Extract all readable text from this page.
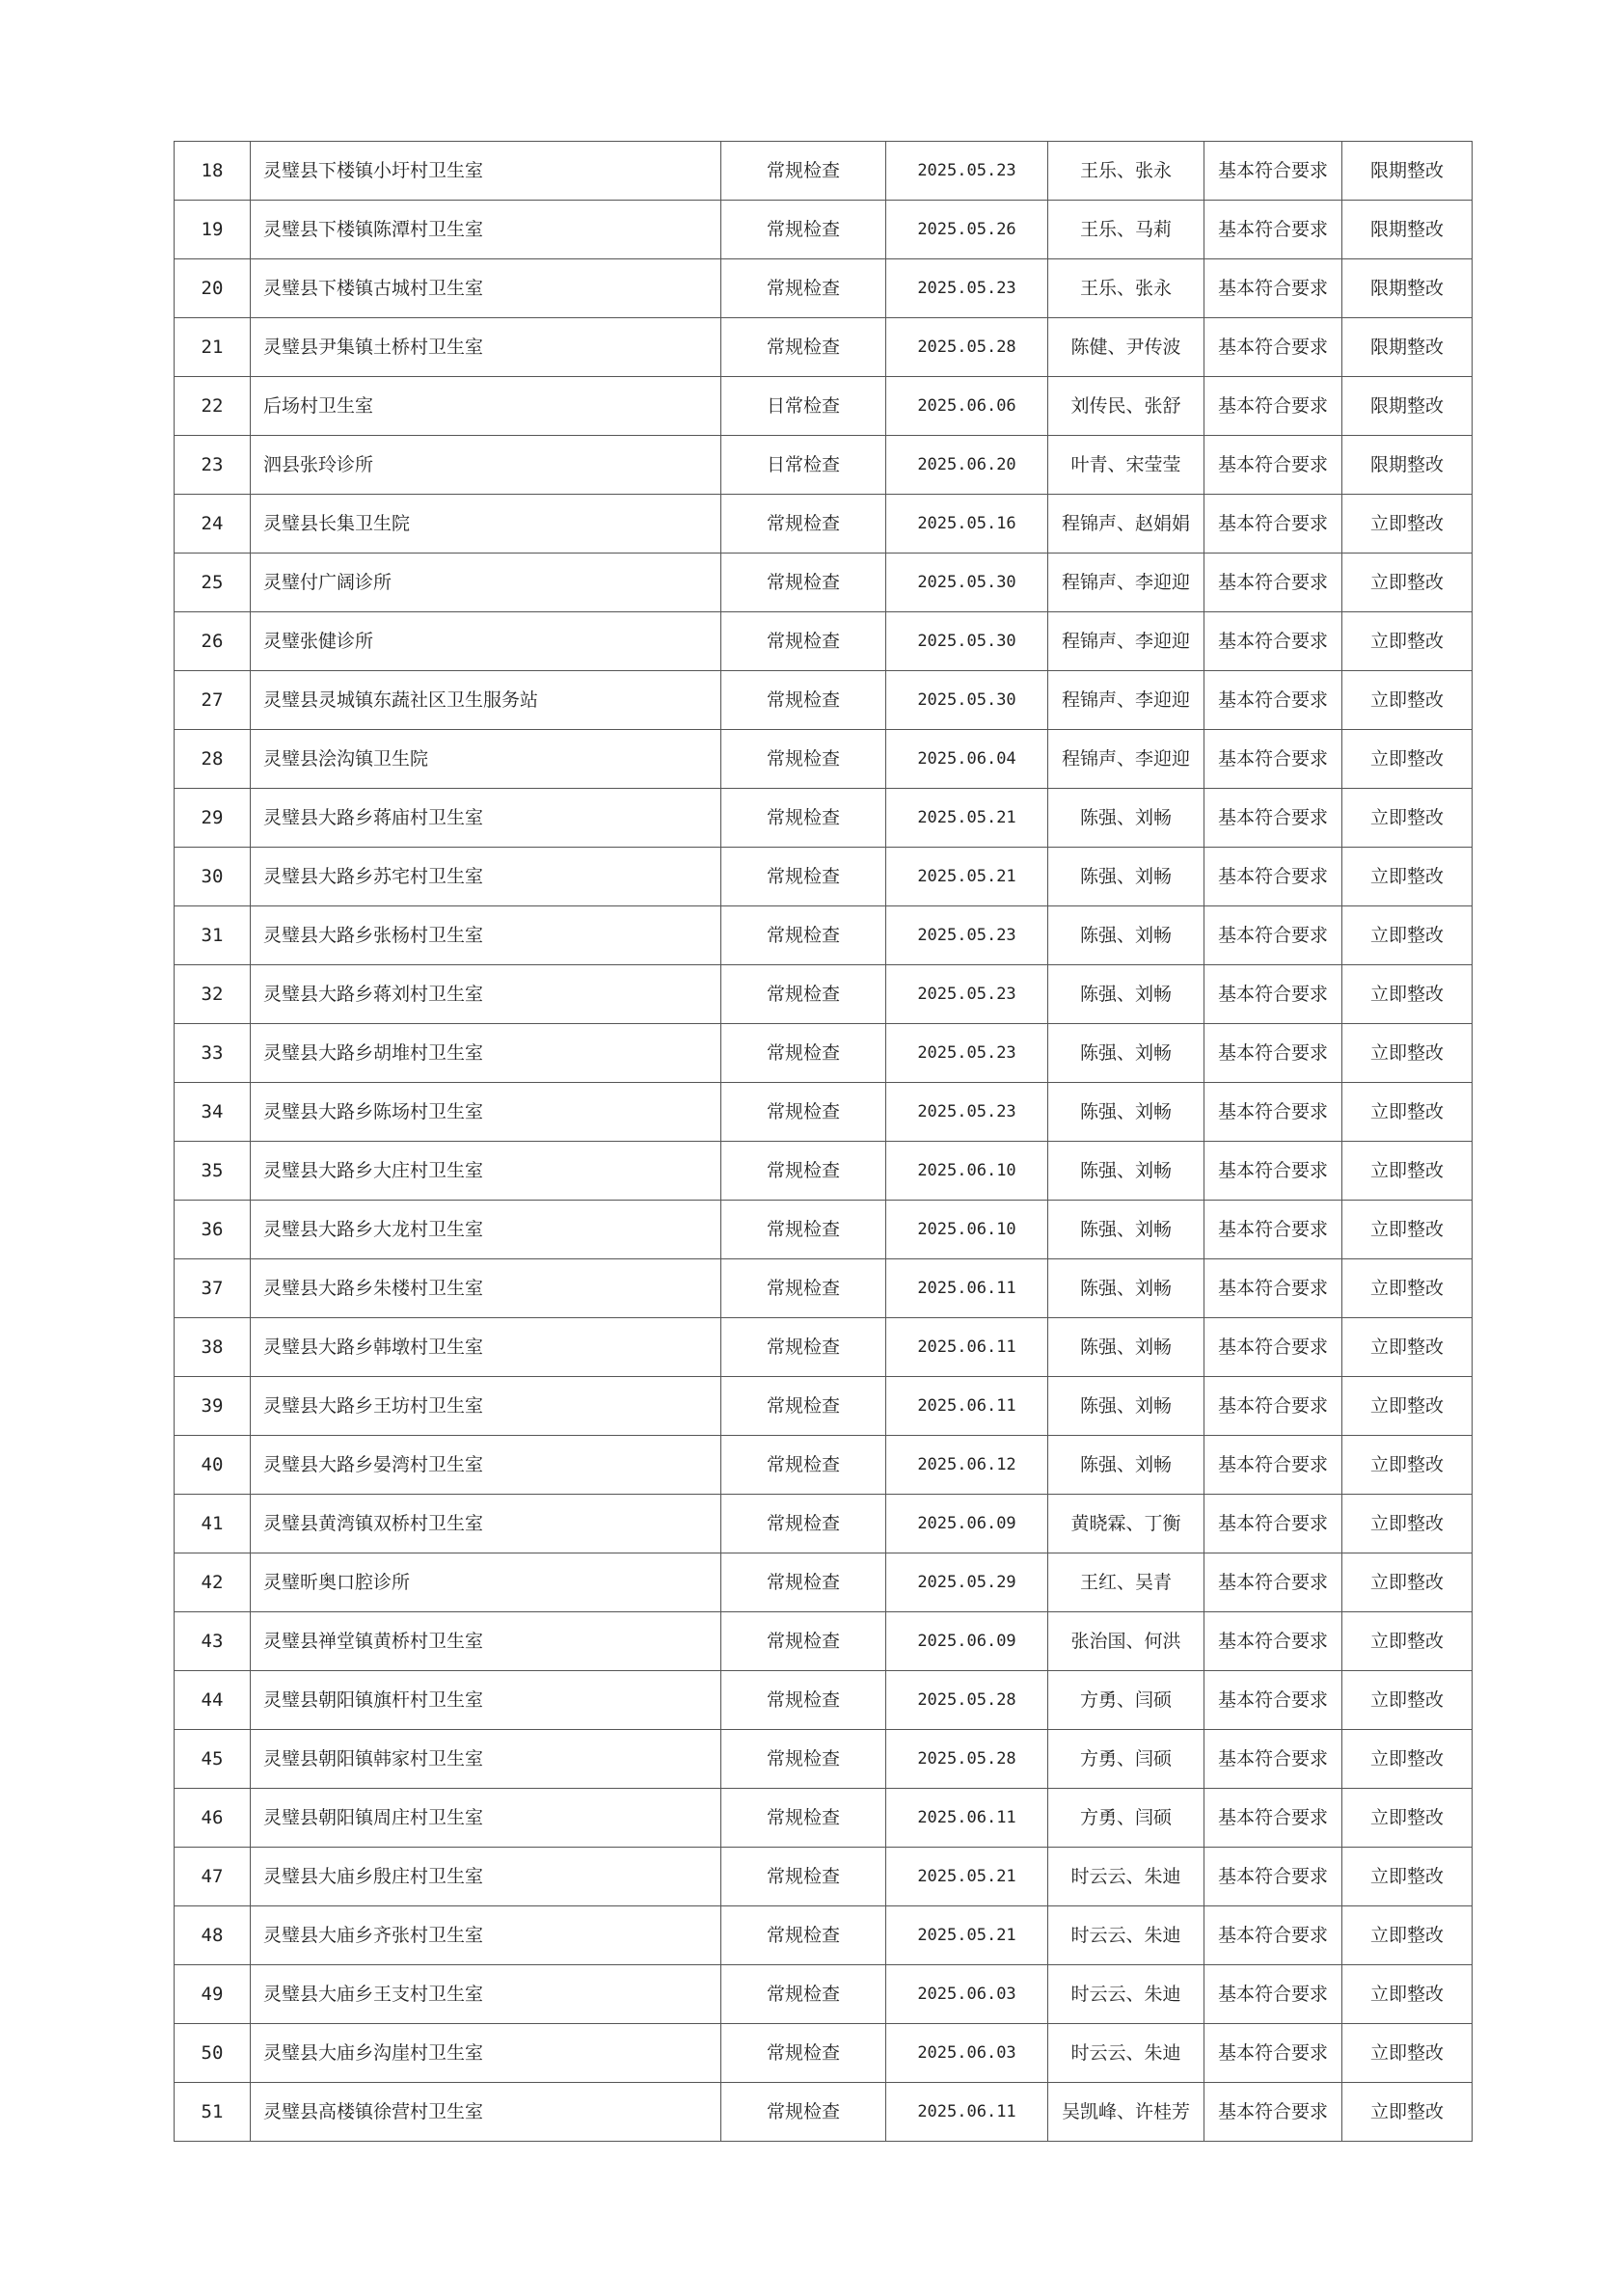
18	灵璧县下楼镇小圩村卫生室	常规检查	2025.05.23	王乐、张永	基本符合要求	限期整改
19	灵璧县下楼镇陈潭村卫生室	常规检查	2025.05.26	王乐、马莉	基本符合要求	限期整改
20	灵璧县下楼镇古城村卫生室	常规检查	2025.05.23	王乐、张永	基本符合要求	限期整改
21	灵璧县尹集镇土桥村卫生室	常规检查	2025.05.28	陈健、尹传波	基本符合要求	限期整改
22	后场村卫生室	日常检查	2025.06.06	刘传民、张舒	基本符合要求	限期整改
23	泗县张玲诊所	日常检查	2025.06.20	叶青、宋莹莹	基本符合要求	限期整改
24	灵璧县长集卫生院	常规检查	2025.05.16	程锦声、赵娟娟	基本符合要求	立即整改
25	灵璧付广阔诊所	常规检查	2025.05.30	程锦声、李迎迎	基本符合要求	立即整改
26	灵璧张健诊所	常规检查	2025.05.30	程锦声、李迎迎	基本符合要求	立即整改
27	灵璧县灵城镇东蔬社区卫生服务站	常规检查	2025.05.30	程锦声、李迎迎	基本符合要求	立即整改
28	灵璧县浍沟镇卫生院	常规检查	2025.06.04	程锦声、李迎迎	基本符合要求	立即整改
29	灵璧县大路乡蒋庙村卫生室	常规检查	2025.05.21	陈强、刘畅	基本符合要求	立即整改
30	灵璧县大路乡苏宅村卫生室	常规检查	2025.05.21	陈强、刘畅	基本符合要求	立即整改
31	灵璧县大路乡张杨村卫生室	常规检查	2025.05.23	陈强、刘畅	基本符合要求	立即整改
32	灵璧县大路乡蒋刘村卫生室	常规检查	2025.05.23	陈强、刘畅	基本符合要求	立即整改
33	灵璧县大路乡胡堆村卫生室	常规检查	2025.05.23	陈强、刘畅	基本符合要求	立即整改
34	灵璧县大路乡陈场村卫生室	常规检查	2025.05.23	陈强、刘畅	基本符合要求	立即整改
35	灵璧县大路乡大庄村卫生室	常规检查	2025.06.10	陈强、刘畅	基本符合要求	立即整改
36	灵璧县大路乡大龙村卫生室	常规检查	2025.06.10	陈强、刘畅	基本符合要求	立即整改
37	灵璧县大路乡朱楼村卫生室	常规检查	2025.06.11	陈强、刘畅	基本符合要求	立即整改
38	灵璧县大路乡韩墩村卫生室	常规检查	2025.06.11	陈强、刘畅	基本符合要求	立即整改
39	灵璧县大路乡王坊村卫生室	常规检查	2025.06.11	陈强、刘畅	基本符合要求	立即整改
40	灵璧县大路乡晏湾村卫生室	常规检查	2025.06.12	陈强、刘畅	基本符合要求	立即整改
41	灵璧县黄湾镇双桥村卫生室	常规检查	2025.06.09	黄晓霖、丁衡	基本符合要求	立即整改
42	灵璧昕奥口腔诊所	常规检查	2025.05.29	王红、吴青	基本符合要求	立即整改
43	灵璧县禅堂镇黄桥村卫生室	常规检查	2025.06.09	张治国、何洪	基本符合要求	立即整改
44	灵璧县朝阳镇旗杆村卫生室	常规检查	2025.05.28	方勇、闫硕	基本符合要求	立即整改
45	灵璧县朝阳镇韩家村卫生室	常规检查	2025.05.28	方勇、闫硕	基本符合要求	立即整改
46	灵璧县朝阳镇周庄村卫生室	常规检查	2025.06.11	方勇、闫硕	基本符合要求	立即整改
47	灵璧县大庙乡殷庄村卫生室	常规检查	2025.05.21	时云云、朱迪	基本符合要求	立即整改
48	灵璧县大庙乡齐张村卫生室	常规检查	2025.05.21	时云云、朱迪	基本符合要求	立即整改
49	灵璧县大庙乡王支村卫生室	常规检查	2025.06.03	时云云、朱迪	基本符合要求	立即整改
50	灵璧县大庙乡沟崖村卫生室	常规检查	2025.06.03	时云云、朱迪	基本符合要求	立即整改
51	灵璧县高楼镇徐营村卫生室	常规检查	2025.06.11	吴凯峰、许桂芳	基本符合要求	立即整改
